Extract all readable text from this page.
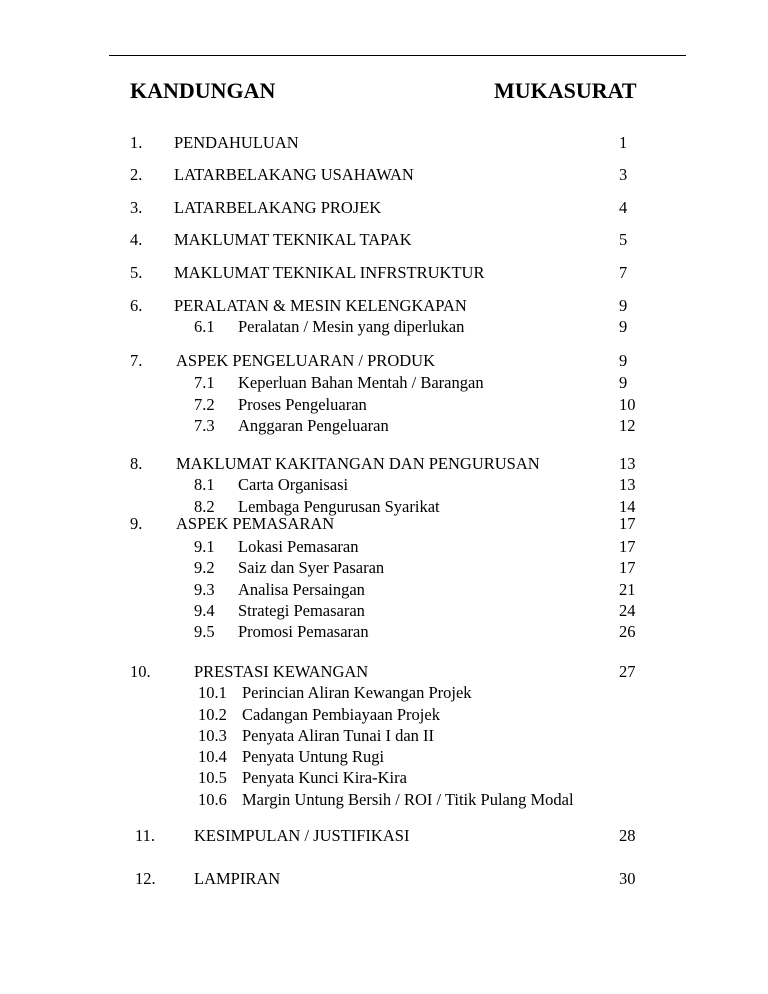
KANDUNGAN	MUKASURAT
1. PENDAHULUAN	1
2. LATARBELAKANG USAHAWAN	3
3. LATARBELAKANG PROJEK	4
4. MAKLUMAT TEKNIKAL TAPAK	5
5. MAKLUMAT TEKNIKAL INFRSTRUKTUR	7
6. PERALATAN & MESIN KELENGKAPAN	9
6.1 Peralatan / Mesin yang diperlukan	9
7. ASPEK PENGELUARAN / PRODUK	9
7.1 Keperluan Bahan Mentah / Barangan	9
7.2 Proses Pengeluaran	10
7.3 Anggaran Pengeluaran	12
8. MAKLUMAT KAKITANGAN DAN PENGURUSAN	13
8.1 Carta Organisasi	13
8.2 Lembaga Pengurusan Syarikat	14
9. ASPEK PEMASARAN	17
9.1 Lokasi Pemasaran	17
9.2 Saiz dan Syer Pasaran	17
9.3 Analisa Persaingan	21
9.4 Strategi Pemasaran	24
9.5 Promosi Pemasaran	26
10.	PRESTASI KEWANGAN	27
10.1 Perincian Aliran Kewangan Projek
10.2 Cadangan Pembiayaan Projek
10.3 Penyata Aliran Tunai I dan II
10.4 Penyata Untung Rugi
10.5 Penyata Kunci Kira-Kira
10.6 Margin Untung Bersih / ROI / Titik Pulang Modal
11. KESIMPULAN / JUSTIFIKASI	28
12. LAMPIRAN	30
